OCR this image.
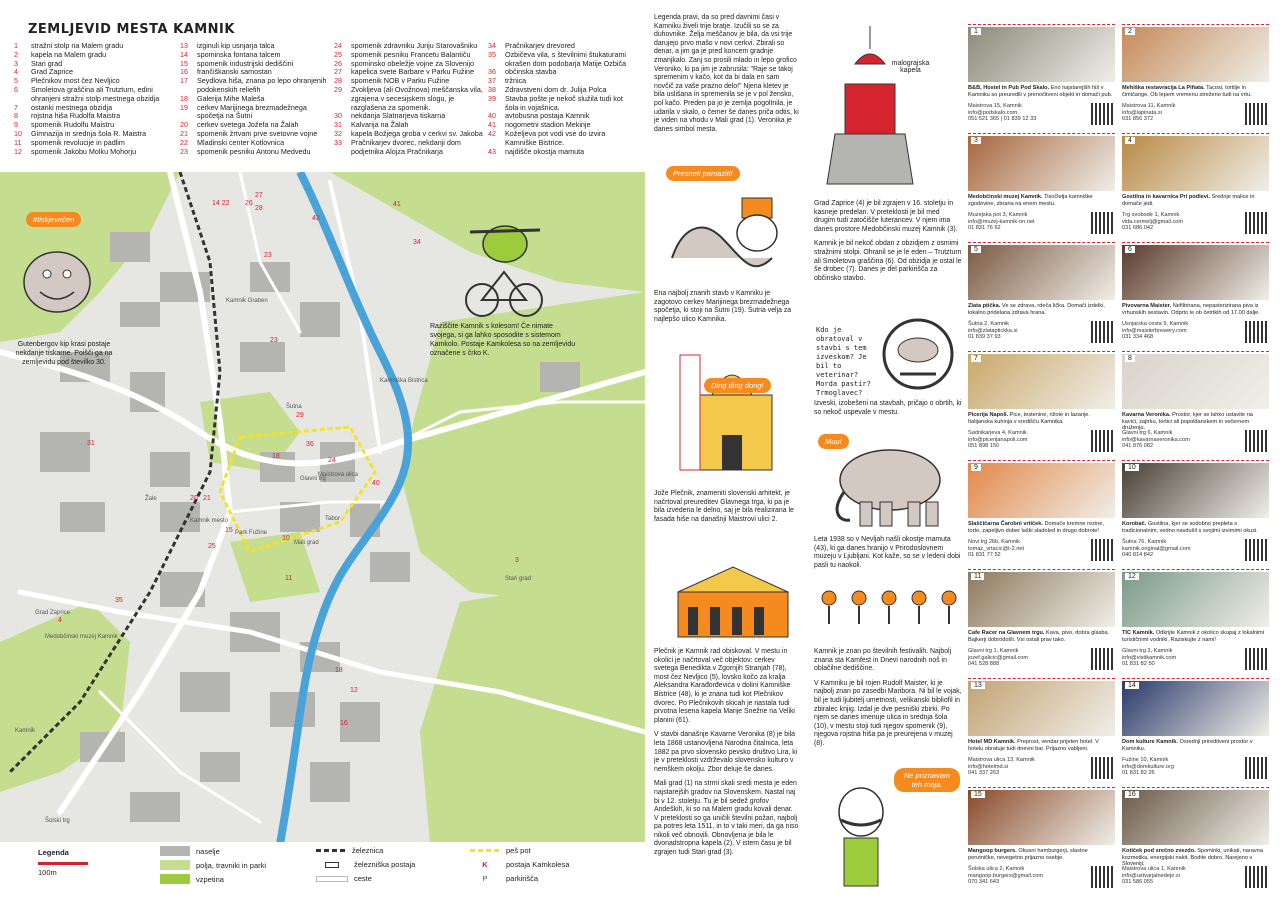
ZEMLJEVID MESTA KAMNIK
1	stražni stolp na Malem gradu
2	kapela na Malem gradu
3	Stari grad
4	Grad Zaprice
5	Plečnikov most čez Nevljico
6	Smoletova graščina ali Trutzturn, edini ohranjeni stražni stolp mestnega obzidja
7	ostanki mestnega obzidja
8	rojstna hiša Rudolfa Maistra
9	spomenik Rudolfu Maistru
10	Gimnazija in srednja šola R. Maistra
11	spomenik revolucije in padlim
12	spomenik Jakobu Molku Mohorju
13	izginuli kip usnjarja talca
14	spominska fontana talcem
15	spomenik industrijski dediščini
16	frančiškanski samostan
17	Seydlova hiša, znana po lepo ohranjenih podokenskih reliefih
18	Galerija Mihe Maleša
19	cerkev Marijinega brezmadežnega spočetja na Šutni
20	cerkev svetega Jožefa na Žalah
21	spomenik žrtvam prve svetovne vojne
22	Mladinski center Kotlovnica
23	spomenik pesniku Antonu Medvedu
24	spomenik zdravniku Juriju Starovašniku
25	spomenik pesniku Francetu Balantiču
26	spominsko obeležje vojne za Slovenijo
27	kapelica svete Barbare v Parku Fužine
28	spomenik NOB v Parku Fužine
29	Zvokljeva (ali Ovožnova) meščanska vila, zgrajena v secesijskem slogu, je razglašena za spomenik.
30	nekdanja Slatnarjeva tiskarna
31	Kalvarija na Žalah
32	kapela Božjega groba v cerkvi sv. Jakoba
33	Pračnikarjev dvorec, nekdanji dom podjetnika Alojza Pračnikarja
34	Pračnikarjev drevored
35	Ozbičeva vila, s številnimi štukaturami okrašen dom podobarja Matije Ozbiča
36	občinska stavba
37	tržnica
38	Zdravstveni dom dr. Julija Polca
39	Stavba pošte je nekoč služila tudi kot šola in vojašnica.
40	avtobusna postaja Kamnik
41	nogometni stadion Mekinje
42	Koželjeva pot vodi vse do izvira Kamniške Bistrice.
43	najdišče okostja mamuta
14 22 26
27
28
42
41
34
23
23
29
31	36
18
24
40
20 21
15
10
25
11
35
4
18
12
16
3
Kamnik Graben
Žale
Kamnik mesto
Glavni trg
Maistrova ulica
Mali grad
Park Fužine
Tabor
Stari grad
Grad Zaprice
Medobčinski muzej Kamnik
Šutna
Šolski trg
Kamnik
Kamniška Bistrica
#tiskjevečen
Gutenbergov kip krasi postaje nekdanje tiskarne. Poišči ga na zemljevidu pod številko 30.
Raziščite Kamnik s kolesom! Če nimate svojega, si ga lahko sposodite s sistemom Kamkolo. Postaje Kamkolesa so na zemljevidu označene s črko K.
Legenda
100m
naselje
polja, travniki in parki
vzpetina
železnica
železniška postaja
ceste
peš pot
K	postaja Kamkolesa
P	parkirišča

Legenda pravi, da so pred davnimi časi v Kamniku živeli trije bratje. Izučili so se za duhovnike. Želja meščanov je bila, da vsi trije darujejo prvo mašo v novi cerkvi. Zbirali so denar, a jim ga je pred koncem gradnje zmanjkalo. Zanj so prosili mlado in lepo grofico Veroniko, ki pa jim je zabrusila: "Raje se takoj spremenim v kačo, kot da bi dala en sam novčič za vaše prazno delo!" Njena kletev je bila uslišana in spremenila se je v pol žensko, pol kačo. Preden pa jo je zemlja pogoltnila, je udarila v skalo, o čemer še danes priča odtis, ki je viden na vhodu v Mali grad (1). Veronika je danes simbol mesta.

Presneti pamaziti!
Ena najbolj znanih stavb v Kamniku je zagotovo cerkev Marijinega brezmadežnega spočetja, ki stoji na Šutni (19). Šutna velja za najlepšo ulico Kamnika.
Ding ding dong!
Jože Plečnik, znameniti slovenski arhitekt, je načrtoval preureditev Glavnega trga, ki pa je bila izvedena le delno, saj je bila realizirana le fasada hiše na današnji Maistrovi ulici 2.

Plečnik je Kamnik rad obiskoval. V mestu in okolici je načrtoval več objektov: cerkev svetega Benedikta v Zgornjih Stranjah (78), most čez Nevljico (5), lovsko kočo za kralja Aleksandra Karađorđevića v dolini Kamniške Bistrice (48), ki je znana tudi kot Plečnikov dvorec. Po Plečnikovih skicah je nastala tudi prvotna lesena kapela Marije Snežne na Veliki planini (61).

V stavbi današnje Kavarne Veronika (8) je bila leta 1868 ustanovljena Narodna čitalnica, leta 1882 pa prvo slovensko pevsko društvo Lira, ki je v preteklosti vzdrževalo slovensko kulturo v nemškem okolju. Zbor deluje še danes.

Mali grad (1) na strmi skali sredi mesta je eden najstarejših gradov na Slovenskem. Nastal naj bi v 12. stoletju. Tu je bil sedež grofov Andeških, ki so na Malem gradu kovali denar. V preteklosti so ga uničili številni požari, najbolj pa potres leta 1511, in to v taki meri, da ga niso nikoli več obnovili. Obnovljena je bila le dvonadstropna kapela (2). V istem času je bil zgrajen tudi Stari grad (3).

malograjska kapela

Grad Zaprice (4) je bil zgrajen v 16. stoletju in kasneje predelan. V preteklosti je bil med drugim tudi zatočišče luterancev. V njem ima danes prostore Medobčinski muzej Kamnik (3).

Kamnik je bil nekoč obdan z obzidjem z osmimi stražnimi stolpi. Ohranil se je le eden – Trutzturn ali Smoletova graščina (6). Od obzidja je ostal le še drobec (7). Danes je del parkirišča za občinsko stavbo.

Kdo je obratoval v stavbi s tem izveskom? Je bil to veterinar? Morda pastir? Trmoglavec?
Izveski, izobešeni na stavbah, pričajo o obrtih, ki so nekoč uspevale v mestu.
Muu!
Leta 1938 so v Nevljah našli okostje mamuta (43), ki ga danes hranijo v Prirodoslovnem muzeju v Ljubljani. Kot kaže, so se v ledeni dobi pasli tu naokoli.

Kamnik je znan po številnih festivalih. Najbolj znana sta Kamfest in Dnevi narodnih noš in oblačilne dediščine.

V Kamniku je bil rojen Rudolf Maister, ki je najbolj znan po zasedbi Maribora. Ni bil le vojak, bil je tudi ljubitelj umetnosti, velikanski bibliofil in zbiralec knjig. Izdal je dve pesniški zbirki. Po njem se danes imenuje ulica in srednja šola (10), v mestu stoji tudi njegov spomenik (9), njegova rojstna hiša pa je preurejena v muzej (8).

Ne priznavam teh meja.
1
B&B, Hostel in Pub Pod Skalo. Eno najstarejših hiš v Kamniku so preuredili v prenočitveni objekt in domači pub.
Maistrova 15, Kamnik
info@podskalo.com
051 521 365 | 01 839 12 33
2
Mehiška restavracija La Piñata. Tacosi, tortilje in čimičange. Ob lepem vremenu streženo tudi na vrtu.
Maistrova 11, Kamnik
info@lapinata.si
031 856 372
3
Medobčinski muzej Kamnik. Tisočletja kamniške zgodovine, zbrana na enem mestu.
Muzejska pot 3, Kamnik
info@muzej-kamnik-on.net
01 831 76 62
4
Gostilna in kavarnica Pri podlevi. Srednje malice in domače jedi.
Trg svobode 1, Kamnik
vida.cermelj@gmail.com
031 686 042
5
Zlata ptička. Ve se zdrava, rdeča lička. Domači izdelki, lokalno pridelana zdrava hrana.
Šutna 2, Kamnik
info@zlataptickka.si
01 839 37 93
6
Pivovarna Maister. Nefiltrirana, nepasterizirana piva iz vrhunskih sestavin. Odprto le ob četrtkih od 17.00 dalje.
Usnjarska cesta 9, Kamnik
info@maisterbrewery.com
031 334 468
7
Picerija Napoli. Pice, testenine, rižote in lazanje. Italijanska kuhinja v središču Kamnika.
Sadnikarjeva 4, Kamnik
info@picerijanapoli.com
051 898 150
8
Kavarna Veronika. Prostor, kjer se lahko ustavite na kavici, zajtrku, tortici ali popoldanskem in večernem druženju.
Glavni trg 6, Kamnik
info@kavarnaveronika.com
041 876 082
9
Slaščičarna Čarobni vrtiček. Domače kremne rezine, torte, zapeljivo dober laški sladoled in drugo dobrote!
Novi trg 26b, Kamnik
tomaz_vrtacic@t-2.net
01 831 77 52
10
Korobač. Gostilna, kjer se sodobno prepleta s tradicionalnim, vedno navdušil s svojimi izvirnimi okusi.
Šutna 76, Kamnik
kamnik.original@gmail.com
040 814 842
11
Cafe Racer na Glavnem trgu. Kava, pivo, dobra glasba. Bajkerji dobrodošli. Vsi ostali prav tako.
Glavni trg 1, Kamnik
jozef.galicic@gmail.com
041 528 888
12
TIC Kamnik. Odkrijte Kamnik z okolico skupaj z lokalnimi turističnimi vodniki. Raziskujte z nami!
Glavni trg 2, Kamnik
info@visitkamnik.com
01 831 82 50
13
Hotel MD Kamnik. Preprost, vendar prijeten hotel. V hotelu obratuje tudi dnevni bar. Prijazno vabljeni.
Maistrova ulica 13, Kamnik
info@hotelmd.si
041 337 263
14
Dom kulture Kamnik. Osrednji prireditveni prostor v Kamniku.
Fužine 10, Kamnik
info@domkulture.org
01 831 82 26
15
Mangoop burgers. Okusni hamburgerji, slastne perutničke, nevegetno prijazno osebje.
Šolska ulica 2, Kamnik
mangoop.burgers@gmail.com
070 341 643
16
Kotiček pod srečno zvezdo. Spominki, unikati, naravna kozmetika, energijski nakit. Bodite dobro. Narejeno v Sloveniji.
Maistrova ulica 1, Kamnik
info@ustvarjalnedejе.si
031 586 055
